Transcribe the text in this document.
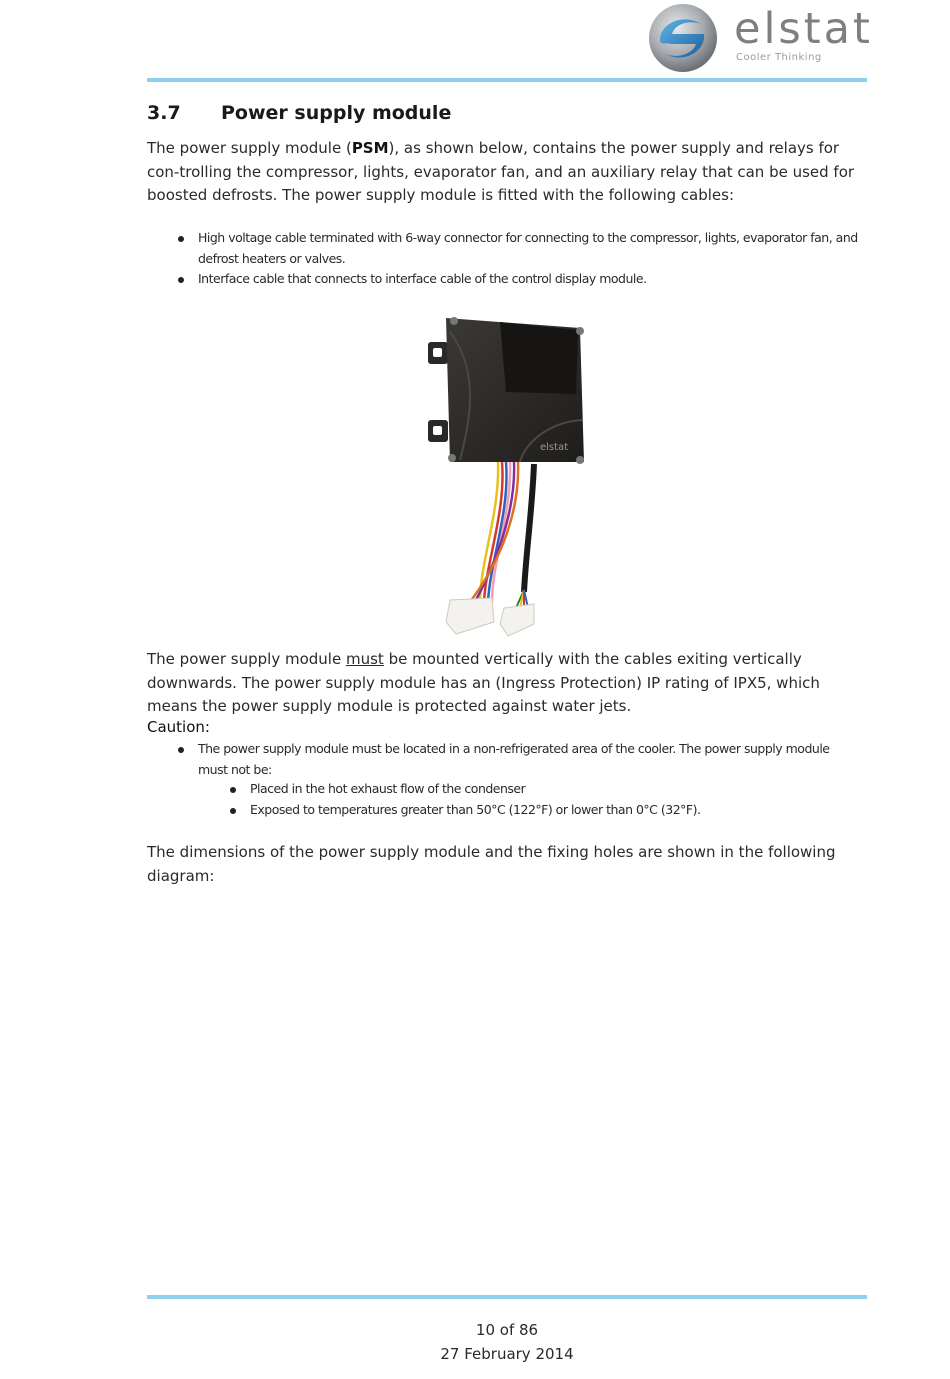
elstat
Cooler Thinking
3.7 Power supply module
The power supply module (PSM), as shown below, contains the power supply and relays for con-trolling the compressor, lights, evaporator fan, and an auxiliary relay that can be used for boosted defrosts. The power supply module is fitted with the following cables:
High voltage cable terminated with 6-way connector for connecting to the compressor, lights, evaporator fan, and defrost heaters or valves.
Interface cable that connects to interface cable of the control display module.
elstat
The power supply module must be mounted vertically with the cables exiting vertically downwards. The power supply module has an (Ingress Protection) IP rating of IPX5, which means the power supply module is protected against water jets.
Caution:
The power supply module must be located in a non-refrigerated area of the cooler. The power supply module must not be:
Placed in the hot exhaust flow of the condenser
Exposed to temperatures greater than 50°C (122°F) or lower than 0°C (32°F).
The dimensions of the power supply module and the fixing holes are shown in the following diagram:
10 of 86
27 February 2014
